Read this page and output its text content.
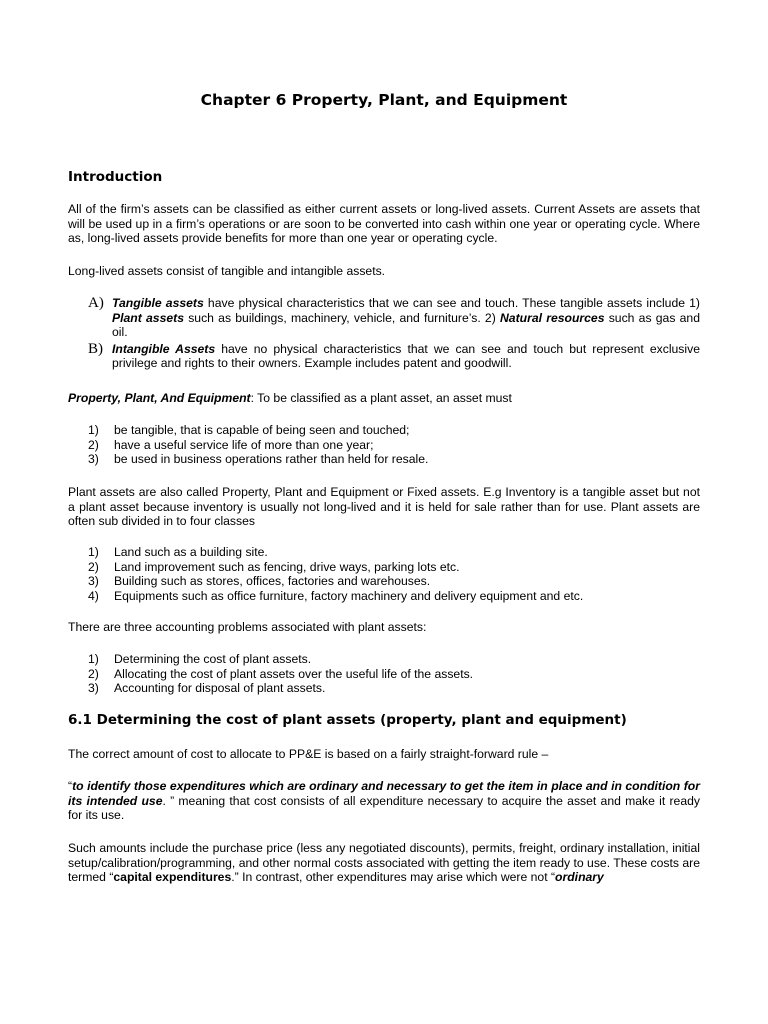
Chapter 6 Property, Plant, and Equipment
Introduction

All of the firm’s assets can be classified as either current assets or long-lived assets. Current Assets are assets that will be used up in a firm’s operations or are soon to be converted into cash within one year or operating cycle. Where as, long-lived assets provide benefits for more than one year or operating cycle.

Long-lived assets consist of tangible and intangible assets.

A) Tangible assets have physical characteristics that we can see and touch. These tangible assets include 1) Plant assets such as buildings, machinery, vehicle, and furniture’s. 2) Natural resources such as gas and oil.
B) Intangible Assets have no physical characteristics that we can see and touch but represent exclusive privilege and rights to their owners. Example includes patent and goodwill.

Property, Plant, And Equipment: To be classified as a plant asset, an asset must

1)	be tangible, that is capable of being seen and touched;
2)	have a useful service life of more than one year;
3)	be used in business operations rather than held for resale.

Plant assets are also called Property, Plant and Equipment or Fixed assets. E.g Inventory is a tangible asset but not a plant asset because inventory is usually not long-lived and it is held for sale rather than for use. Plant assets are often sub divided in to four classes

1)	Land such as a building site.
2)	Land improvement such as fencing, drive ways, parking lots etc.
3)	Building such as stores, offices, factories and warehouses.
4)	Equipments such as office furniture, factory machinery and delivery equipment and etc.

There are three accounting problems associated with plant assets:

1)	Determining the cost of plant assets.
2)	Allocating the cost of plant assets over the useful life of the assets.
3)	Accounting for disposal of plant assets.
6.1 Determining the cost of plant assets (property, plant and equipment)

The correct amount of cost to allocate to PP&E is based on a fairly straight-forward rule –

“to identify those expenditures which are ordinary and necessary to get the item in place and in condition for its intended use. ” meaning that cost consists of all expenditure necessary to acquire the asset and make it ready for its use.

Such amounts include the purchase price (less any negotiated discounts), permits, freight, ordinary installation, initial setup/calibration/programming, and other normal costs associated with getting the item ready to use. These costs are termed “capital expenditures.” In contrast, other expenditures may arise which were not “ordinary
